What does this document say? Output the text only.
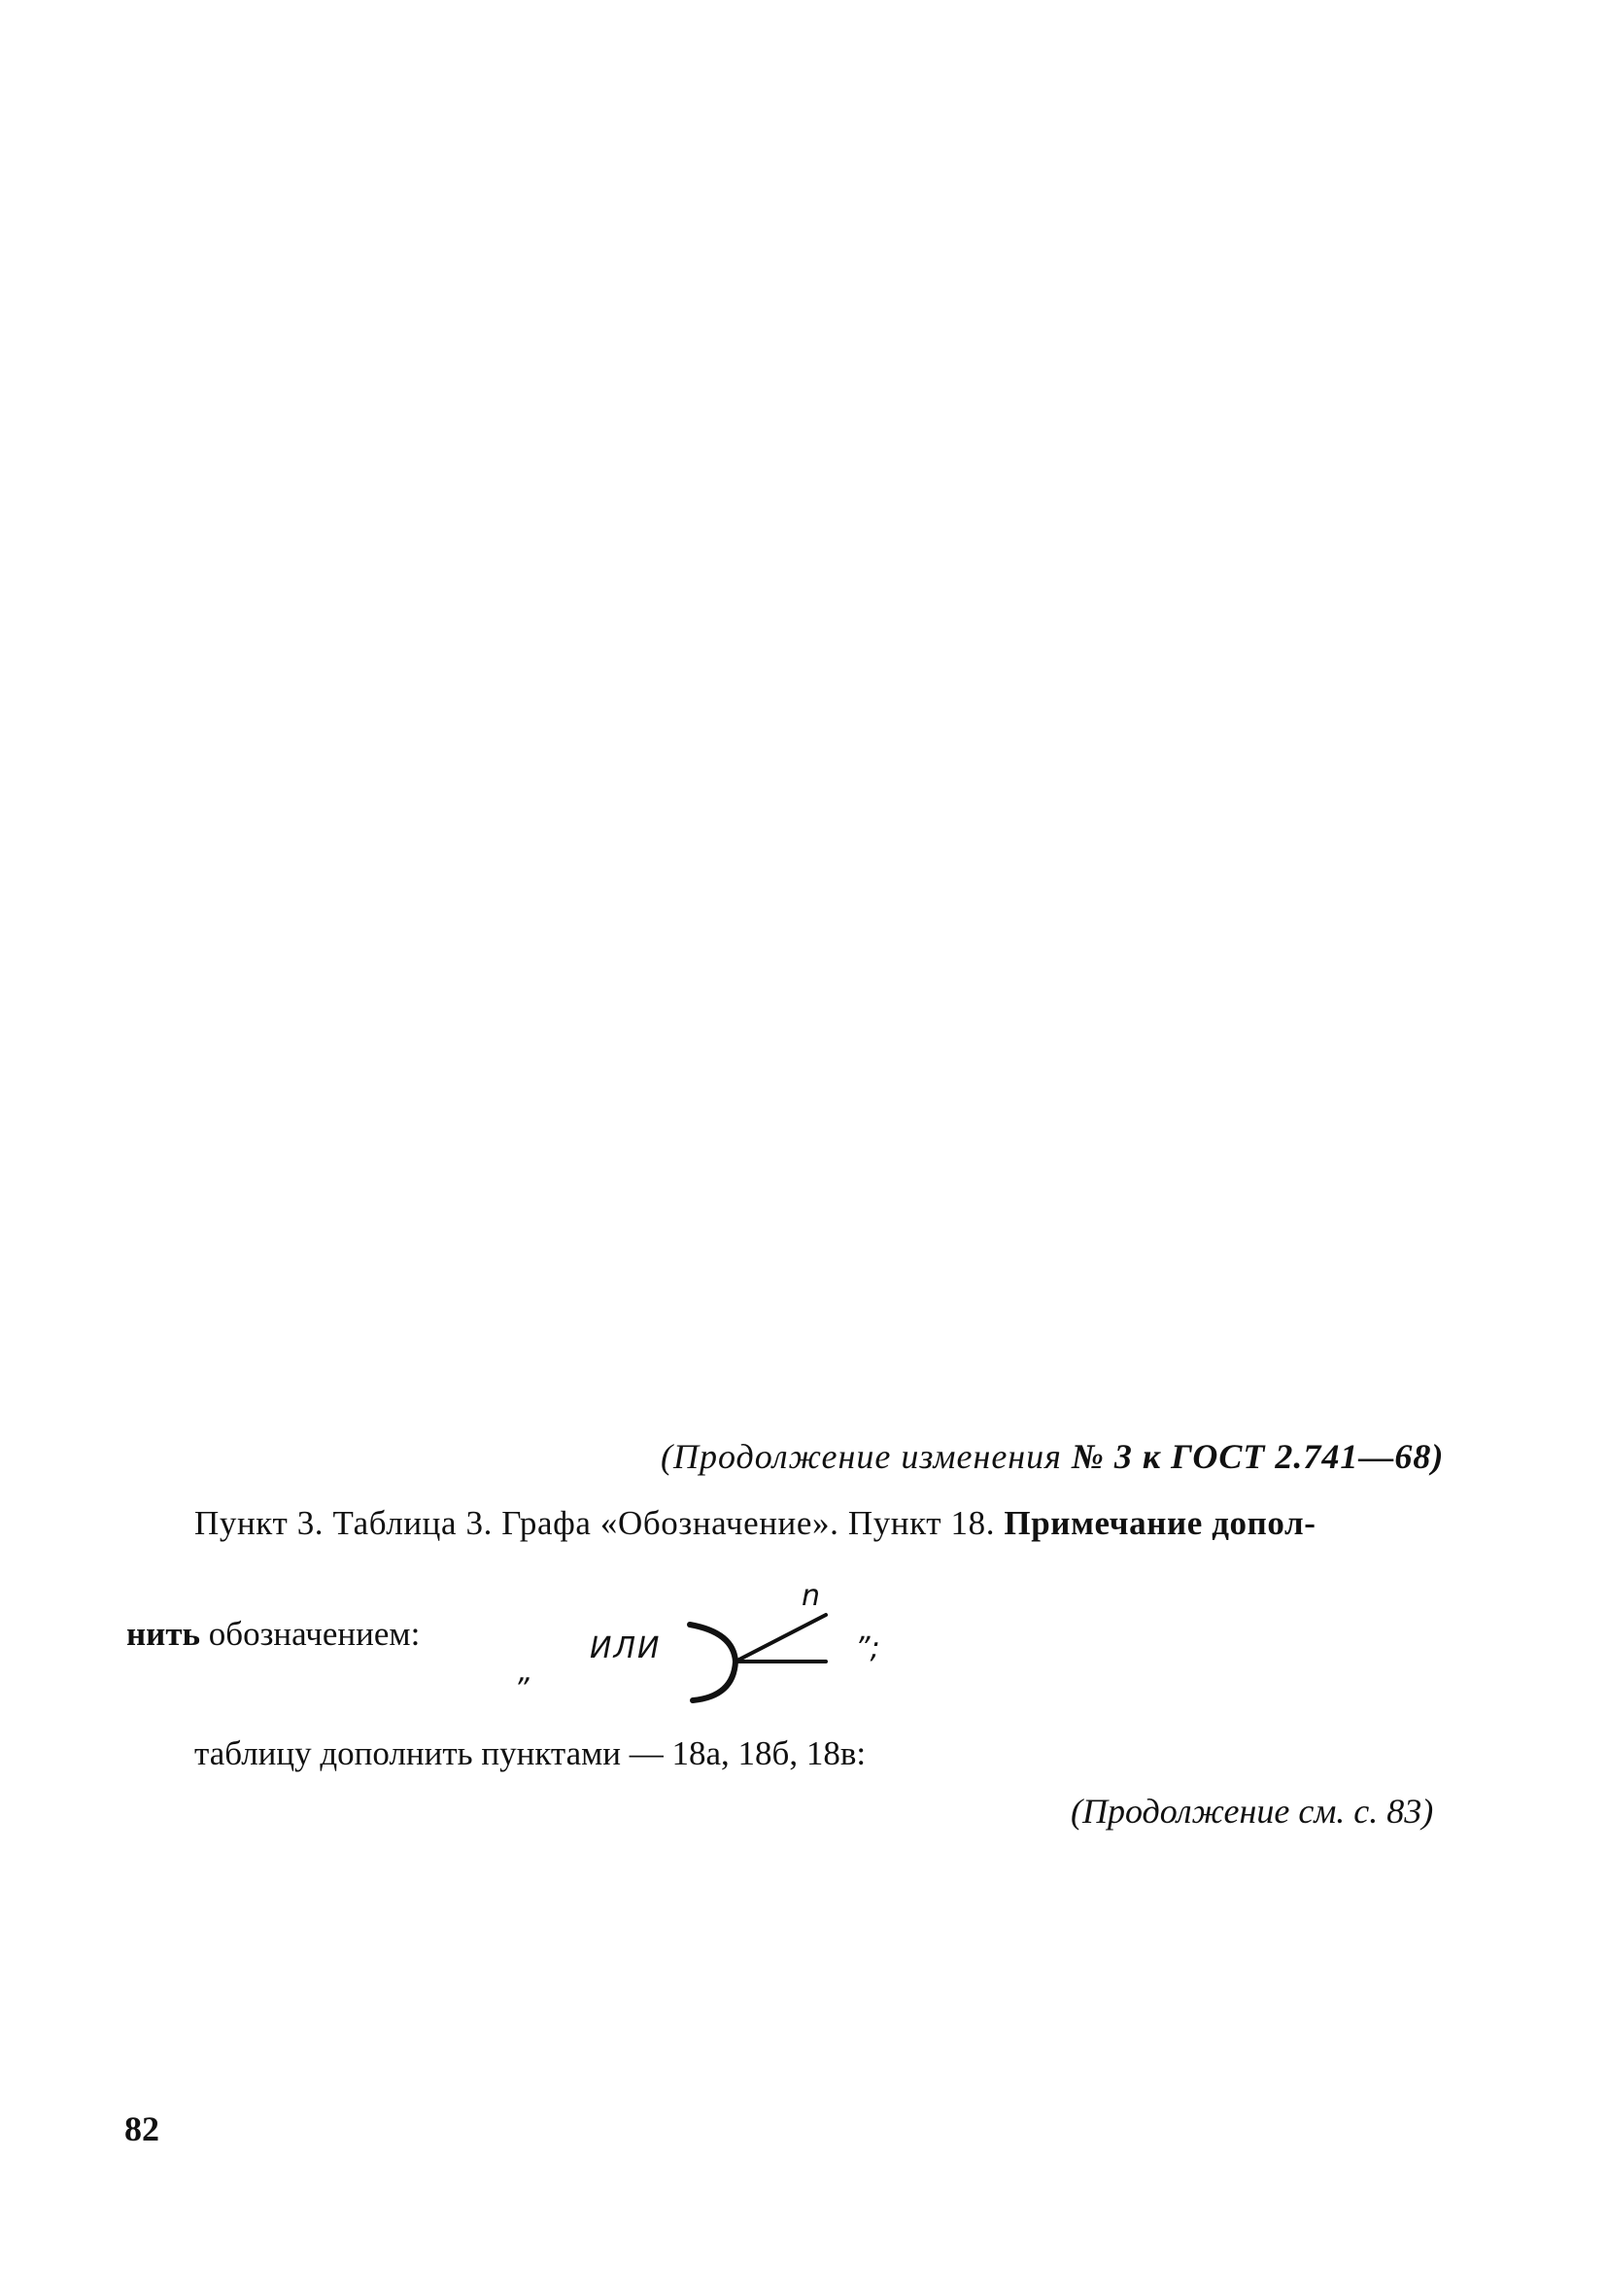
(Продолжение изменения № 3 к ГОСТ 2.741—68)
Пункт 3. Таблица 3. Графа «Обозначение». Пункт 18. Примечание допол-
нить обозначением:
„
ИЛИ
n
”;
таблицу дополнить пунктами — 18а, 18б, 18в:
(Продолжение см. с. 83)
82
